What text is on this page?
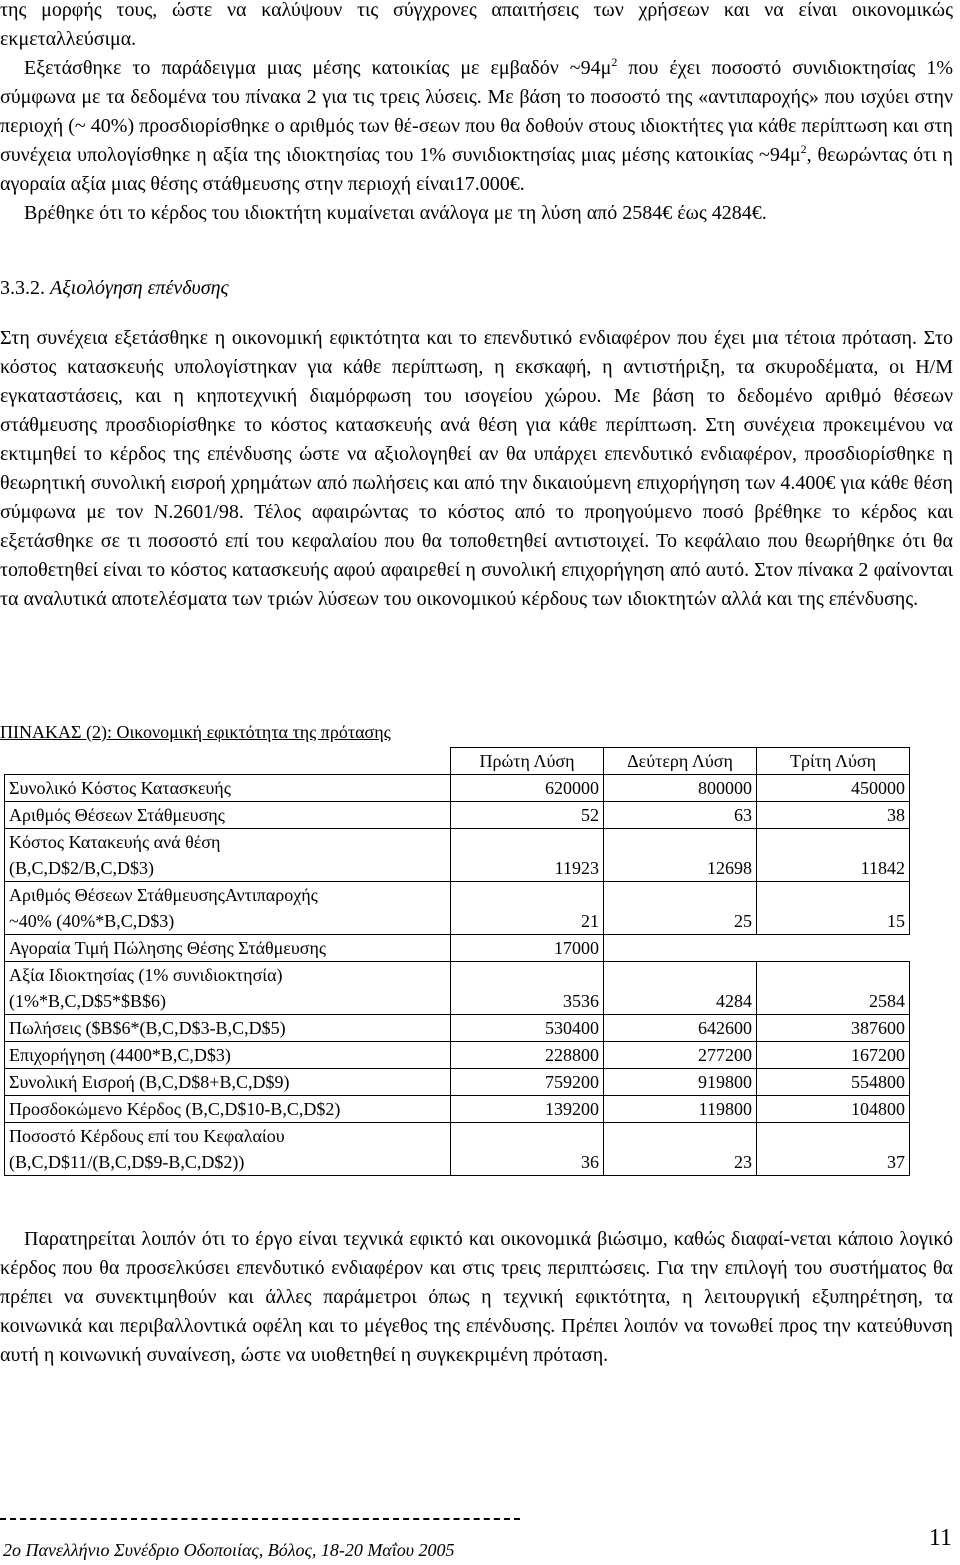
της μορφής τους, ώστε να καλύψουν τις σύγχρονες απαιτήσεις των χρήσεων και να είναι οικονομικώς εκμεταλλεύσιμα.
Εξετάσθηκε το παράδειγμα μιας μέσης κατοικίας με εμβαδόν $\sim 94\mu^2$ που έχει ποσοστό συνιδιοκτησίας 1% σύμφωνα με τα δεδομένα του πίνακα 2 για τις τρεις λύσεις. Με βάση το ποσοστό της «αντιπαροχής» που ισχύει στην περιοχή (~ 40%) προσδιορίσθηκε ο αριθμός των θέ-σεων που θα δοθούν στους ιδιοκτήτες για κάθε περίπτωση και στη συνέχεια υπολογίσθηκε η αξία της ιδιοκτησίας του 1% συνιδιοκτησίας μιας μέσης κατοικίας $\sim 94\mu^2$, θεωρώντας ότι η αγοραία αξία μιας θέσης στάθμευσης στην περιοχή είναι17.000€.
Βρέθηκε ότι το κέρδος του ιδιοκτήτη κυμαίνεται ανάλογα με τη λύση από 2584€ έως 4284€.
3.3.2. Αξιολόγηση επένδυσης

Στη συνέχεια εξετάσθηκε η οικονομική εφικτότητα και το επενδυτικό ενδιαφέρον που έχει μια τέτοια πρόταση. Στο κόστος κατασκευής υπολογίστηκαν για κάθε περίπτωση, η εκσκαφή, η αντιστήριξη, τα σκυροδέματα, οι Η/Μ εγκαταστάσεις, και η κηποτεχνική διαμόρφωση του ισογείου χώρου. Με βάση το δεδομένο αριθμό θέσεων στάθμευσης προσδιορίσθηκε το κόστος κατασκευής ανά θέση για κάθε περίπτωση. Στη συνέχεια προκειμένου να εκτιμηθεί το κέρδος της επένδυσης ώστε να αξιολογηθεί αν θα υπάρχει επενδυτικό ενδιαφέρον, προσδιορίσθηκε η θεωρητική συνολική εισροή χρημάτων από πωλήσεις και από την δικαιούμενη επιχορήγηση των 4.400€ για κάθε θέση σύμφωνα με τον Ν.2601/98. Τέλος αφαιρώντας το κόστος από το προηγούμενο ποσό βρέθηκε το κέρδος και εξετάσθηκε σε τι ποσοστό επί του κεφαλαίου που θα τοποθετηθεί αντιστοιχεί. Το κεφάλαιο που θεωρήθηκε ότι θα τοποθετηθεί είναι το κόστος κατασκευής αφού αφαιρεθεί η συνολική επιχορήγηση από αυτό. Στον πίνακα 2 φαίνονται τα αναλυτικά αποτελέσματα των τριών λύσεων του οικονομικού κέρδους των ιδιοκτητών αλλά και της επένδυσης.

ΠΙΝΑΚΑΣ (2): Οικονομική εφικτότητα της πρότασης
	Πρώτη Λύση	Δεύτερη Λύση	Τρίτη Λύση

Συνολικό Κόστος Κατασκευής	620000	800000	450000

Αριθμός Θέσεων Στάθμευσης	52	63	38

Κόστος Κατακευής ανά θέση
(B,C,D$2/B,C,D$3)	11923	12698	11842

Αριθμός Θέσεων ΣτάθμευσηςΑντιπαροχής
~40% (40%*B,C,D$3)	21	25	15

Αγοραία Τιμή Πώλησης Θέσης Στάθμευσης	17000		

Αξία Ιδιοκτησίας (1% συνιδιοκτησία)
(1%*B,C,D$5*$B$6)	3536	4284	2584

Πωλήσεις ($B$6*(B,C,D$3-B,C,D$5)	530400	642600	387600

Επιχορήγηση (4400*B,C,D$3)	228800	277200	167200

Συνολική Εισροή (B,C,D$8+B,C,D$9)	759200	919800	554800

Προσδοκώμενο Κέρδος (B,C,D$10-B,C,D$2)	139200	119800	104800

Ποσοστό Κέρδους επί του Κεφαλαίου
(B,C,D$11/(B,C,D$9-B,C,D$2))	36	23	37

Παρατηρείται λοιπόν ότι το έργο είναι τεχνικά εφικτό και οικονομικά βιώσιμο, καθώς διαφαί-νεται κάποιο λογικό κέρδος που θα προσελκύσει επενδυτικό ενδιαφέρον και στις τρεις περιπτώσεις. Για την επιλογή του συστήματος θα πρέπει να συνεκτιμηθούν και άλλες παράμετροι όπως η τεχνική εφικτότητα, η λειτουργική εξυπηρέτηση, τα κοινωνικά και περιβαλλοντικά οφέλη και το μέγεθος της επένδυσης. Πρέπει λοιπόν να τονωθεί προς την κατεύθυνση αυτή η κοινωνική συναίνεση, ώστε να υιοθετηθεί η συγκεκριμένη πρόταση.

2ο Πανελλήνιο Συνέδριο Οδοποιίας, Βόλος, 18-20 Μαΐου 2005	11
